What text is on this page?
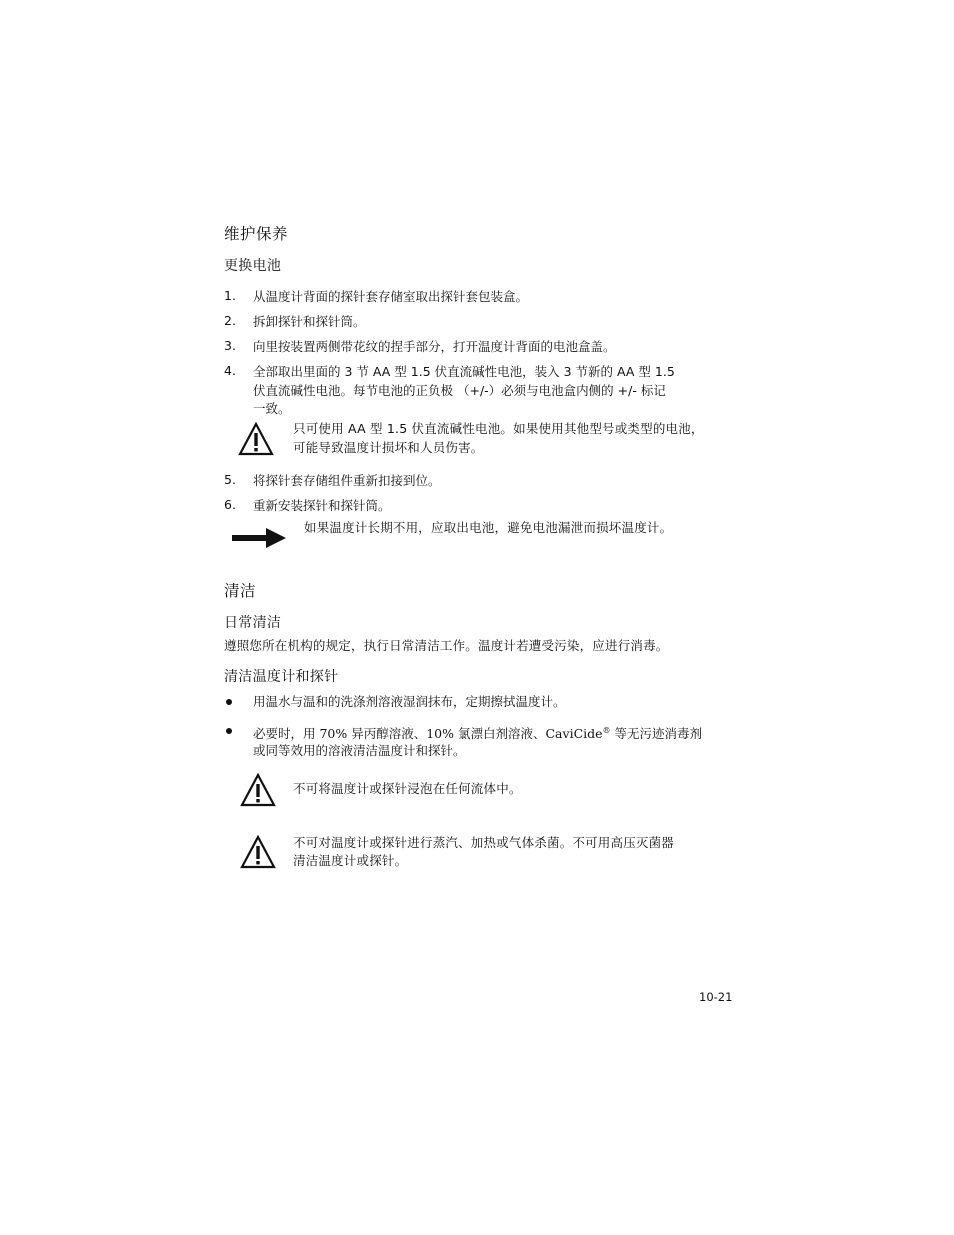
维护保养
更换电池
1. 从温度计背面的探针套存储室取出探针套包装盒。
2. 拆卸探针和探针筒。
3. 向里按装置两侧带花纹的捏手部分，打开温度计背面的电池盒盖。
4. 全部取出里面的 3 节 AA 型 1.5 伏直流碱性电池，装入 3 节新的 AA 型 1.5
伏直流碱性电池。每节电池的正负极 （+/-）必须与电池盒内侧的 +/- 标记
一致。
只可使用 AA 型 1.5 伏直流碱性电池。如果使用其他型号或类型的电池，
可能导致温度计损坏和人员伤害。
5. 将探针套存储组件重新扣接到位。
6. 重新安装探针和探针筒。
如果温度计长期不用，应取出电池，避免电池漏泄而损坏温度计。
清洁
日常清洁
遵照您所在机构的规定，执行日常清洁工作。温度计若遭受污染，应进行消毒。
清洁温度计和探针
用温水与温和的洗涤剂溶液湿润抹布，定期擦拭温度计。
必要时，用 70% 异丙醇溶液、10% 氯漂白剂溶液、CaviCide® 等无污迹消毒剂
或同等效用的溶液清洁温度计和探针。
不可将温度计或探针浸泡在任何流体中。
不可对温度计或探针进行蒸汽、加热或气体杀菌。不可用高压灭菌器
清洁温度计或探针。
10-21
